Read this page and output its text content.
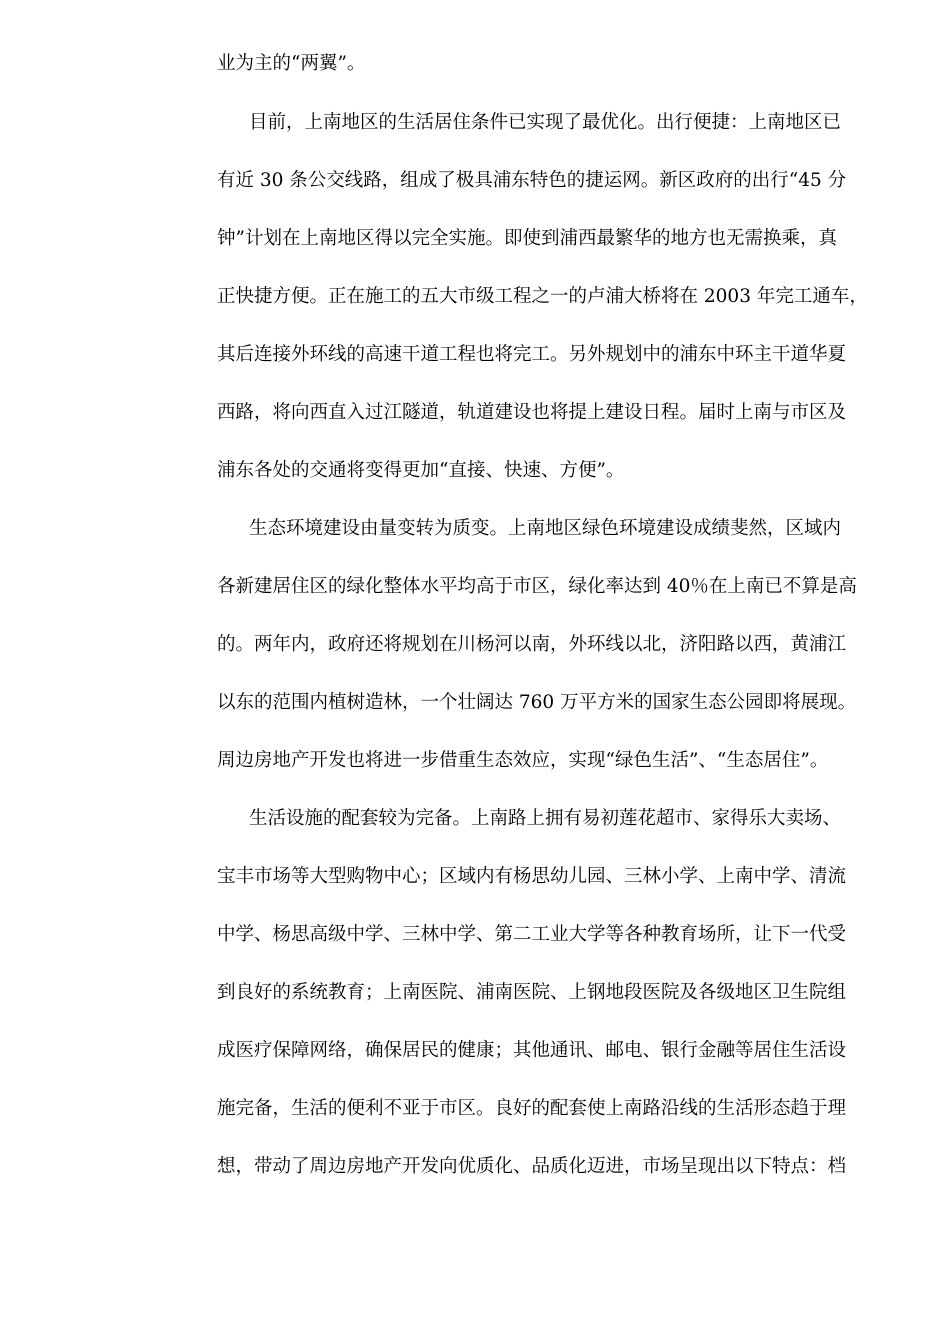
业为主的“两翼”。
目前，上南地区的生活居住条件已实现了最优化。出行便捷：上南地区已
有近 30 条公交线路，组成了极具浦东特色的捷运网。新区政府的出行“45 分
钟”计划在上南地区得以完全实施。即使到浦西最繁华的地方也无需换乘，真
正快捷方便。正在施工的五大市级工程之一的卢浦大桥将在 2003 年完工通车，
其后连接外环线的高速干道工程也将完工。另外规划中的浦东中环主干道华夏
西路，将向西直入过江隧道，轨道建设也将提上建设日程。届时上南与市区及
浦东各处的交通将变得更加“直接、快速、方便”。
生态环境建设由量变转为质变。上南地区绿色环境建设成绩斐然，区域内
各新建居住区的绿化整体水平均高于市区，绿化率达到 40％在上南已不算是高
的。两年内，政府还将规划在川杨河以南，外环线以北，济阳路以西，黄浦江
以东的范围内植树造林，一个壮阔达 760 万平方米的国家生态公园即将展现。
周边房地产开发也将进一步借重生态效应，实现“绿色生活”、“生态居住”。
生活设施的配套较为完备。上南路上拥有易初莲花超市、家得乐大卖场、
宝丰市场等大型购物中心；区域内有杨思幼儿园、三林小学、上南中学、清流
中学、杨思高级中学、三林中学、第二工业大学等各种教育场所，让下一代受
到良好的系统教育；上南医院、浦南医院、上钢地段医院及各级地区卫生院组
成医疗保障网络，确保居民的健康；其他通讯、邮电、银行金融等居住生活设
施完备，生活的便利不亚于市区。良好的配套使上南路沿线的生活形态趋于理
想，带动了周边房地产开发向优质化、品质化迈进，市场呈现出以下特点：档
